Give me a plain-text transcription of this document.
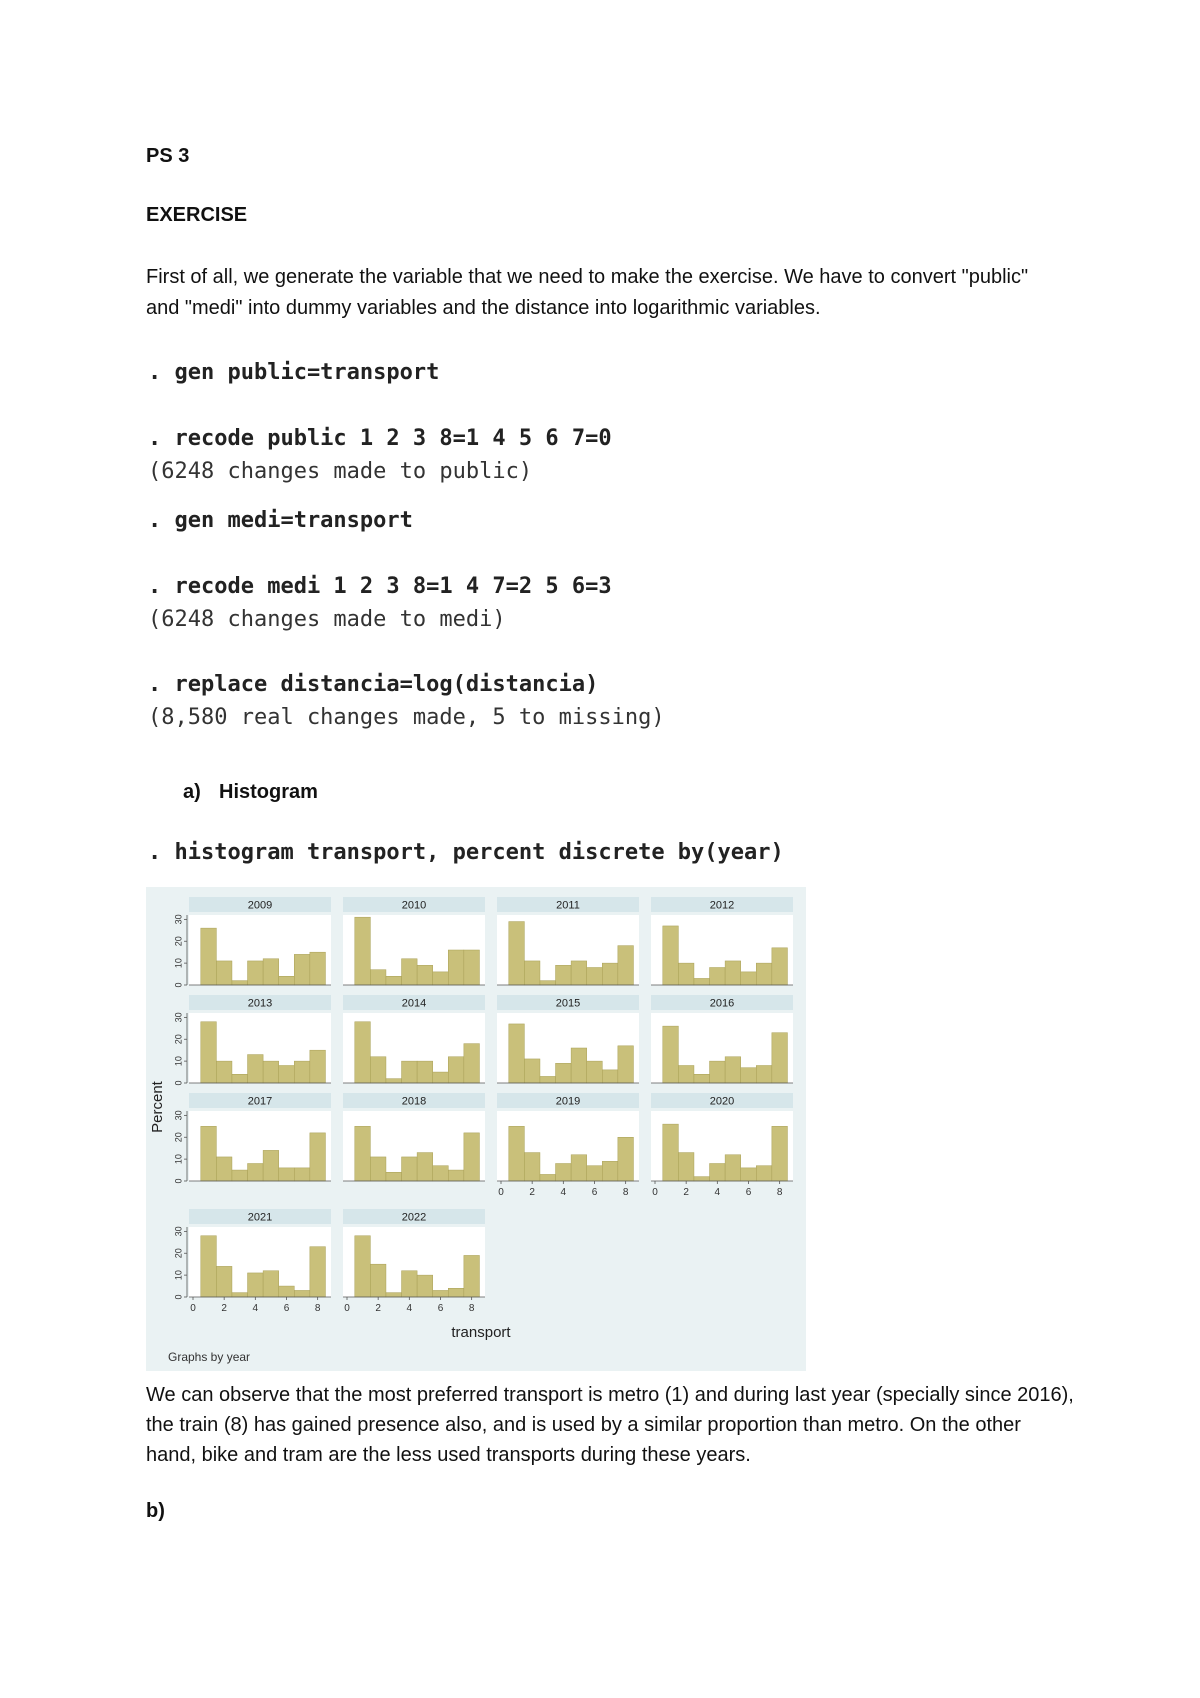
PS 3
EXERCISE
First of all, we generate the variable that we need to make the exercise. We have to convert "public" and "medi" into dummy variables and the distance into logarithmic variables.
. gen public=transport
. recode public 1 2 3 8=1 4 5 6 7=0
(6248 changes made to public)
. gen medi=transport
. recode medi 1 2 3 8=1 4 7=2 5 6=3
(6248 changes made to medi)
. replace distancia=log(distancia)
(8,580 real changes made, 5 to missing)
a) Histogram
. histogram transport, percent discrete by(year)
2009
0
10
20
30
2010	2011	2012
2013
0
10
20
30
2014	2015	2016
2017
0
10
20
30
2018	2019
0	2	4	6	8
2020
0	2	4	6	8
2021
0
10
20
30
0	2	4	6	8
2022
0	2	4	6	8
Percent
transport
Graphs by year
We can observe that the most preferred transport is metro (1) and during last year (specially since 2016), the train (8) has gained presence also, and is used by a similar proportion than metro. On the other hand, bike and tram are the less used transports during these years.
b)
